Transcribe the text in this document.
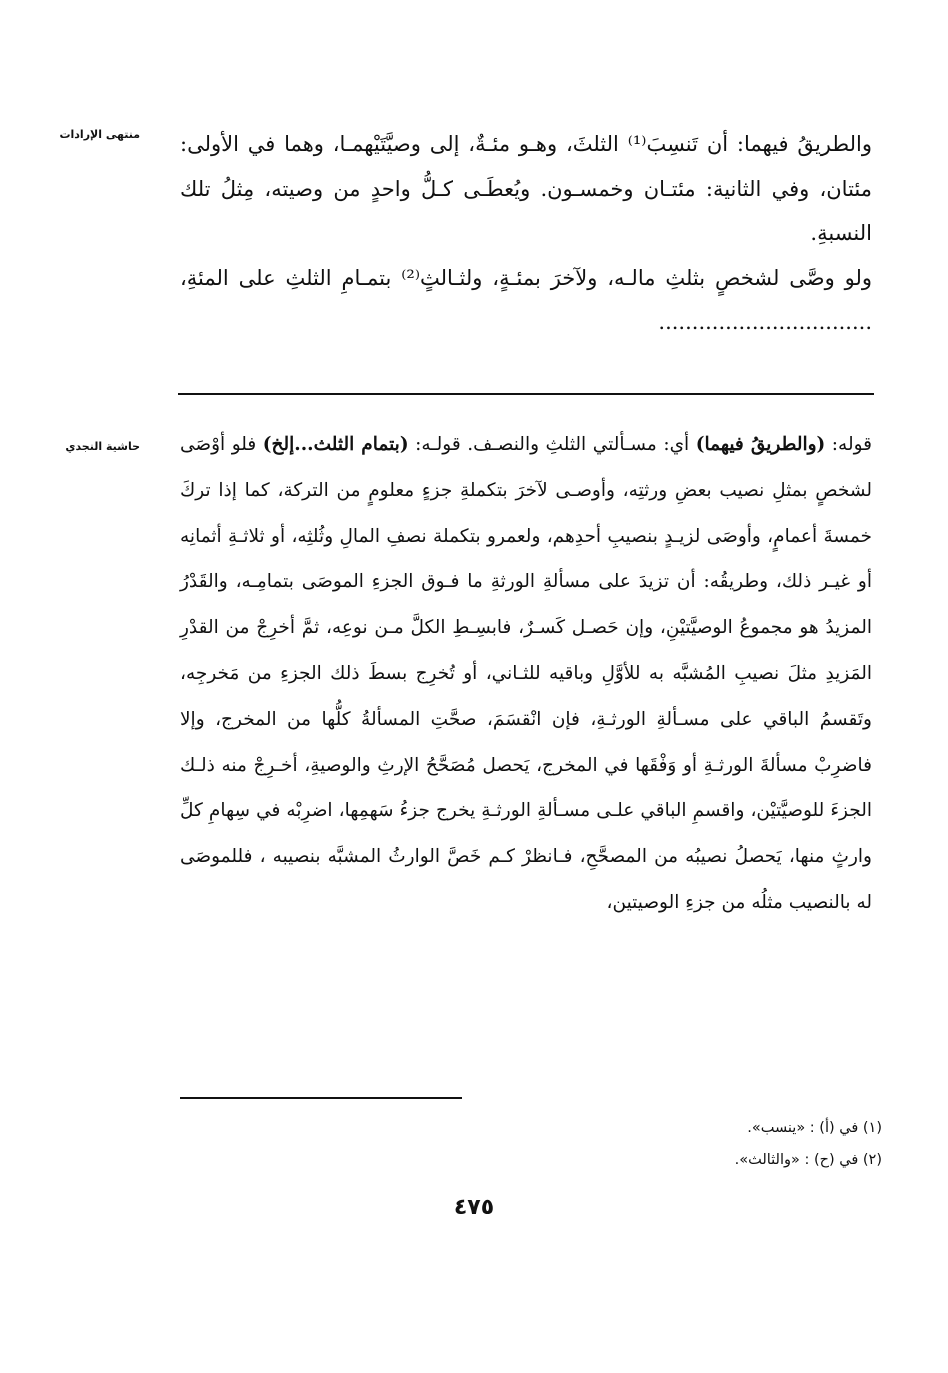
منتهى الإرادات والطريقُ فيهما: أن تَنسِبَ⁽¹⁾ الثلثَ، وهـو مئـةٌ، إلى وصيَّتَيْهمـا، وهما في الأولى: مئتان، وفي الثانية: مئتـان وخمسـون. ويُعطَـى كـلُّ واحدٍ من وصيته، مِثلُ تلك النسبةِ.

ولو وصَّى لشخصٍ بثلثِ مالـه، ولآخرَ بمئـةٍ، ولثـالثٍ⁽²⁾ بتمـامِ الثلثِ على المئةِ، ................................

حاشية النجدي	قوله: (والطريقُ فيهما) أي: مسـألتي الثلثِ والنصـف. قولـه: (بتمام الثلث...إلخ) فلو أوْصَى لشخصٍ بمثلِ نصيب بعضِ ورثتِه، وأوصـى لآخرَ بتكملةِ جزءٍ معلومٍ من التركة، كما إذا تركَ خمسةَ أعمامٍ، وأوصَى لزيـدٍ بنصيبِ أحدِهم، ولعمرو بتكملة نصفِ المالِ وثُلثِه، أو ثلاثـةِ أثمانِه أو غيـر ذلك، وطريقُه: أن تزيدَ على مسألةِ الورثةِ ما فـوق الجزءِ الموصَى بتمامِـه، والقَدْرُ المزيدُ هو مجموعُ الوصيَّتيْنِ، وإن حَصـل كَسـرٌ، فابسِـطِ الكلَّ مـن نوعِه، ثمَّ أخرِجْ من القدْرِ المَزيدِ مثلَ نصيبِ المُشبَّه به للأوَّلِ وباقيه للثـاني، أو تُخرِج بسطَ ذلك الجزءِ من مَخرجِه، وتَقسمُ الباقي على مسـألةِ الورثـةِ، فإن انْقسَمَ، صحَّتِ المسألةُ كلُّها من المخرج، وإلا فاضرِبْ مسألةَ الورثـةِ أو وَفْقَها في المخرج، يَحصل مُصَحَّحُ الإرثِ والوصيةِ، أخـرِجْ منه ذلـك الجزءَ للوصيَّتيْن، واقسمِ الباقي علـى مسـألةِ الورثـةِ يخرج جزءُ سَهمِها، اضرِبْه في سِهامِ كلِّ وارثٍ منها، يَحصلُ نصيبُه من المصحَّحِ، فـانظرْ كـم خَصَّ الوارثُ المشبَّه بنصيبه ، فللموصَى له بالنصيب مثلُه من جزءِ الوصيتين،

(١) في (أ) : «ينسب».
(٢) في (ح) : «والثالث».
٤٧٥
